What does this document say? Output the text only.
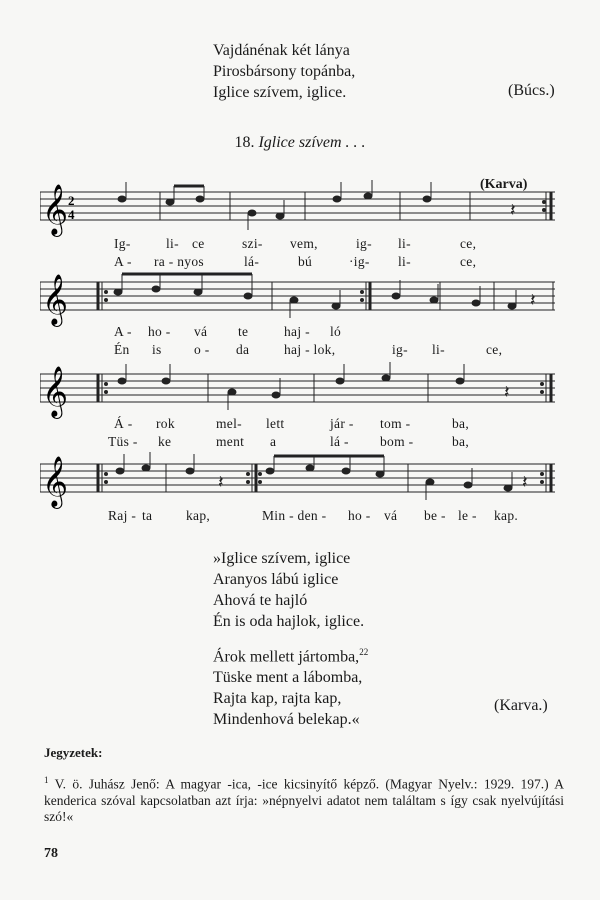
Vajdánénak két lánya
Pirosbársony topánba,
Iglice szívem, iglice.	(Búcs.)
18. Iglice szívem . . .
(Karva)
𝄞 2
4	𝄽
Ig-	li- ce	szi- vem,	ig- li-	ce,
A - ra - nyos	lá-	bú	·ig- li-	ce,
𝄞	𝄽
A - ho - vá te	haj - ló
Én is o - da	haj - lok,	ig- li-	ce,
𝄞	𝄽
Á - rok	mel- lett	jár - tom -	ba,
Tüs - ke	ment a	lá - bom -	ba,
𝄞	𝄽	𝄽
Raj - ta kap,	Min - den - ho - vá be - le - kap.
»Iglice szívem, iglice
Aranyos lábú iglice
Ahová te hajló
Én is oda hajlok, iglice.
Árok mellett jártomba,$^{22}$
Tüske ment a lábomba,
Rajta kap, rajta kap,
Mindenhová belekap.«
(Karva.)
Jegyzetek:
$^1$ V. ö. Juhász Jenő: A magyar -ica, -ice kicsinyítő képző. (Magyar Nyelv.: 1929. 197.) A kenderica szóval kapcsolatban azt írja: »népnyelvi adatot nem találtam s így csak nyelvújítási szó!«
78
